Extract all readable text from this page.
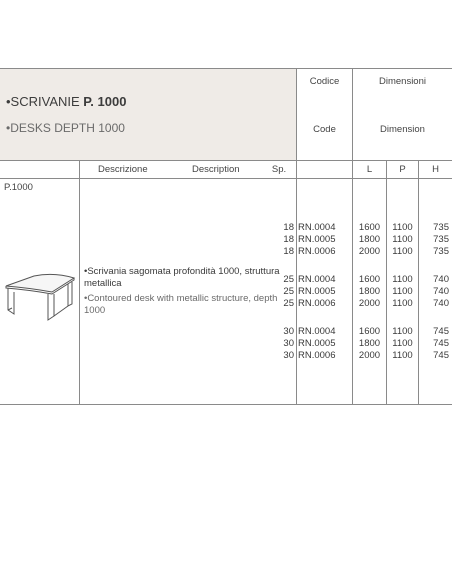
•SCRIVANIE P. 1000
•DESKS DEPTH 1000
Codice
Code
Dimensioni
Dimension
Descrizione	Description	Sp.	L	P	H
P.1000
•Scrivania sagomata profondità 1000, struttura metallica
•Contoured desk with metallic structure, depth 1000
18 RN.0004	1600	1100	735
18 RN.0005	1800	1100	735
18 RN.0006	2000	1100	735
25 RN.0004	1600	1100	740
25 RN.0005	1800	1100	740
25 RN.0006	2000	1100	740
30 RN.0004	1600	1100	745
30 RN.0005	1800	1100	745
30 RN.0006	2000	1100	745
